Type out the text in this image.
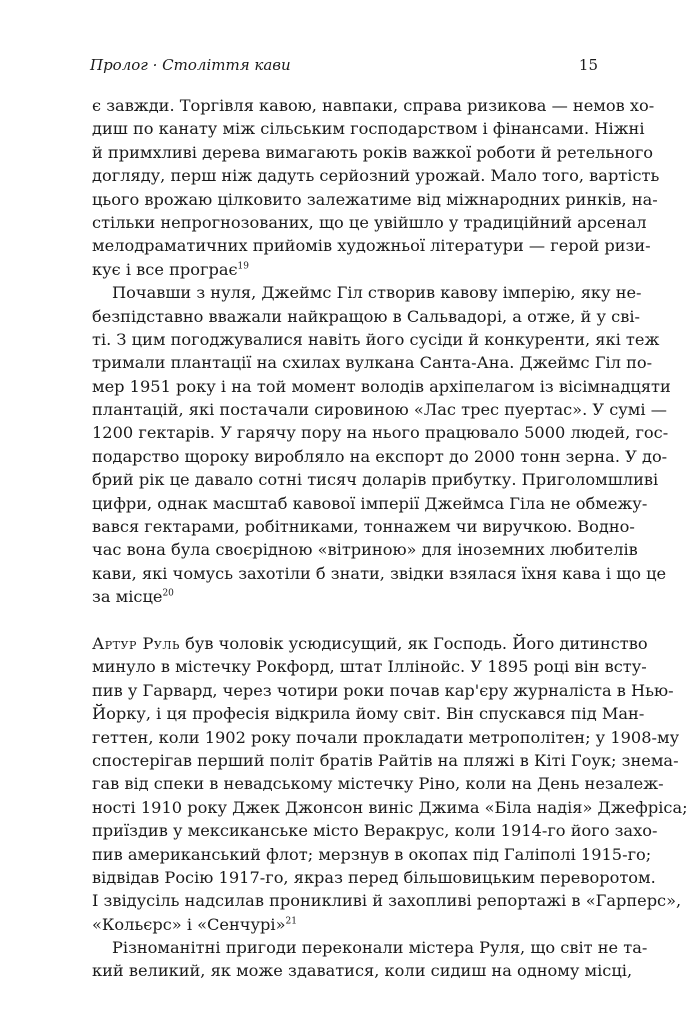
Пролог · Століття кави	15
є завжди. Торгівля кавою, навпаки, справа ризикова — немов хо-
диш по канату між сільським господарством і фінансами. Ніжні
й примхливі дерева вимагають років важкої роботи й ретельного
догляду, перш ніж дадуть серйозний урожай. Мало того, вартість
цього врожаю цілковито залежатиме від міжнародних ринків, на-
стільки непрогнозованих, що це увійшло у традиційний арсенал
мелодраматичних прийомів художньої літератури — герой ризи-
кує і все програє$^{19}$
Почавши з нуля, Джеймс Гіл створив кавову імперію, яку не-
безпідставно вважали найкращою в Сальвадорі, а отже, й у сві-
ті. З цим погоджувалися навіть його сусіди й конкуренти, які теж
тримали плантації на схилах вулкана Санта-Ана. Джеймс Гіл по-
мер 1951 року і на той момент володів архіпелагом із вісімнадцяти
плантацій, які постачали сировиною «Лас трес пуертас». У сумі —
1200 гектарів. У гарячу пору на нього працювало 5000 людей, гос-
подарство щороку виробляло на експорт до 2000 тонн зерна. У до-
брий рік це давало сотні тисяч доларів прибутку. Приголомшливі
цифри, однак масштаб кавової імперії Джеймса Гіла не обмежу-
вався гектарами, робітниками, тоннажем чи виручкою. Водно-
час вона була своєрідною «вітриною» для іноземних любителів
кави, які чомусь захотіли б знати, звідки взялася їхня кава і що це
за місце$^{20}$
Артур Руль був чоловік усюдисущий, як Господь. Його дитинство
минуло в містечку Рокфорд, штат Іллінойс. У 1895 році він всту-
пив у Гарвард, через чотири роки почав кар'єру журналіста в Нью-
Йорку, і ця професія відкрила йому світ. Він спускався під Ман-
геттен, коли 1902 року почали прокладати метрополітен; у 1908-му
спостерігав перший політ братів Райтів на пляжі в Кіті Гоук; знема-
гав від спеки в невадському містечку Ріно, коли на День незалеж-
ності 1910 року Джек Джонсон виніс Джима «Біла надія» Джефріса;
приїздив у мексиканське місто Веракрус, коли 1914-го його захо-
пив американський флот; мерзнув в окопах під Галіполі 1915-го;
відвідав Росію 1917-го, якраз перед більшовицьким переворотом.
І звідусіль надсилав проникливі й захопливі репортажі в «Гарперс»,
«Кольєрс» і «Сенчурі»$^{21}$
Різноманітні пригоди переконали містера Руля, що світ не та-
кий великий, як може здаватися, коли сидиш на одному місці,
